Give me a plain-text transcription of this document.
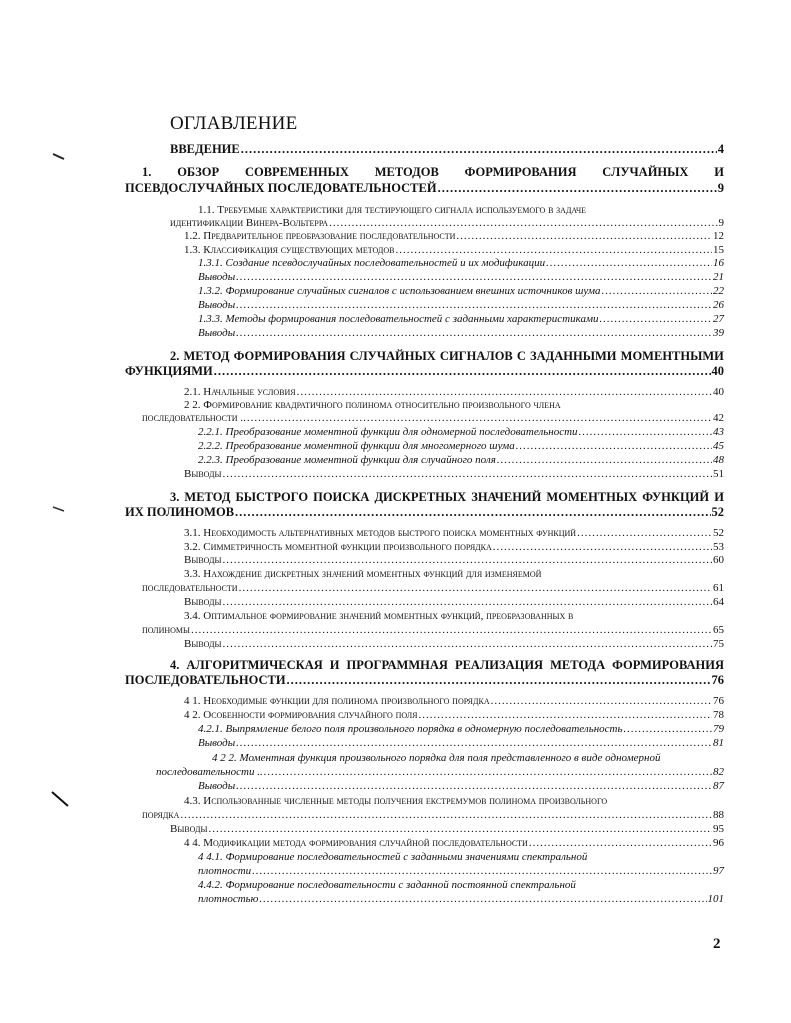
ОГЛАВЛЕНИЕ
ВВЕДЕНИЕ .....	4
1. ОБЗОР СОВРЕМЕННЫХ МЕТОДОВ ФОРМИРОВАНИЯ СЛУЧАЙНЫХ И
ПСЕВДОСЛУЧАЙНЫХ ПОСЛЕДОВАТЕЛЬНОСТЕЙ .....	9
1.1. Требуемые характеристики для тестирующего сигнала используемого в задаче
идентификации Винера-Вольтерра .....	9
1.2. Предварительное преобразование последовательности .....	12
1.3. Классификация существующих методов .....	15
1.3.1. Создание псевдослучайных последовательностей и их модификации .....	16
Выводы .....	21
1.3.2. Формирование случайных сигналов с использованием внешних источников шума .....	22
Выводы .....	26
1.3.3. Методы формирования последовательностей с заданными характеристиками .....	27
Выводы .....	39
2. МЕТОД ФОРМИРОВАНИЯ СЛУЧАЙНЫХ СИГНАЛОВ С ЗАДАННЫМИ МОМЕНТНЫМИ
ФУНКЦИЯМИ .....	40
2.1. Начальные условия .....	40
2 2. Формирование квадратичного полинома относительно произвольного члена
последовательности .. .....	42
2.2.1. Преобразование моментной функции для одномерной последовательности .....	43
2.2.2. Преобразование моментной функции для многомерного шума .....	45
2.2.3. Преобразование моментной функции для случайного поля .....	48
Выводы .....	51
3. МЕТОД БЫСТРОГО ПОИСКА ДИСКРЕТНЫХ ЗНАЧЕНИЙ МОМЕНТНЫХ ФУНКЦИЙ И
ИХ ПОЛИНОМОВ .....	52
3.1. Необходимость альтернативных методов быстрого поиска моментных функций .....	52
3.2. Симметричность моментной функции произвольного порядка .....	53
Выводы .....	60
3.3. Нахождение дискретных значений моментных функций для изменяемой
последовательности .....	61
Выводы .....	64
3.4. Оптимальное формирование значений моментных функций, преобразованных в
полиномы .....	65
Выводы .....	75
4. АЛГОРИТМИЧЕСКАЯ И ПРОГРАММНАЯ РЕАЛИЗАЦИЯ МЕТОДА ФОРМИРОВАНИЯ
ПОСЛЕДОВАТЕЛЬНОСТИ .....	76
4 1. Необходимые функции для полинома произвольного порядка .....	76
4 2. Особенности формирования случайного поля .....	78
4.2.1. Выпрямление белого поля произвольного порядка в одномерную последовательность .....	79
Выводы .....	81
4 2 2. Моментная функция произвольного порядка для поля представленного в виде одномерной
последовательности .. .....	82
Выводы .....	87
4.3. Использованные численные методы получения екстремумов полинома произвольного
порядка .....	88
Выводы .....	95
4 4. Модификации метода формирования случайной последовательности .....	96
4 4.1. Формирование последовательностей с заданными значениями спектральной
плотности .....	97
4.4.2. Формирование последовательности с заданной постоянной спектральной
плотностью .....	101
2
